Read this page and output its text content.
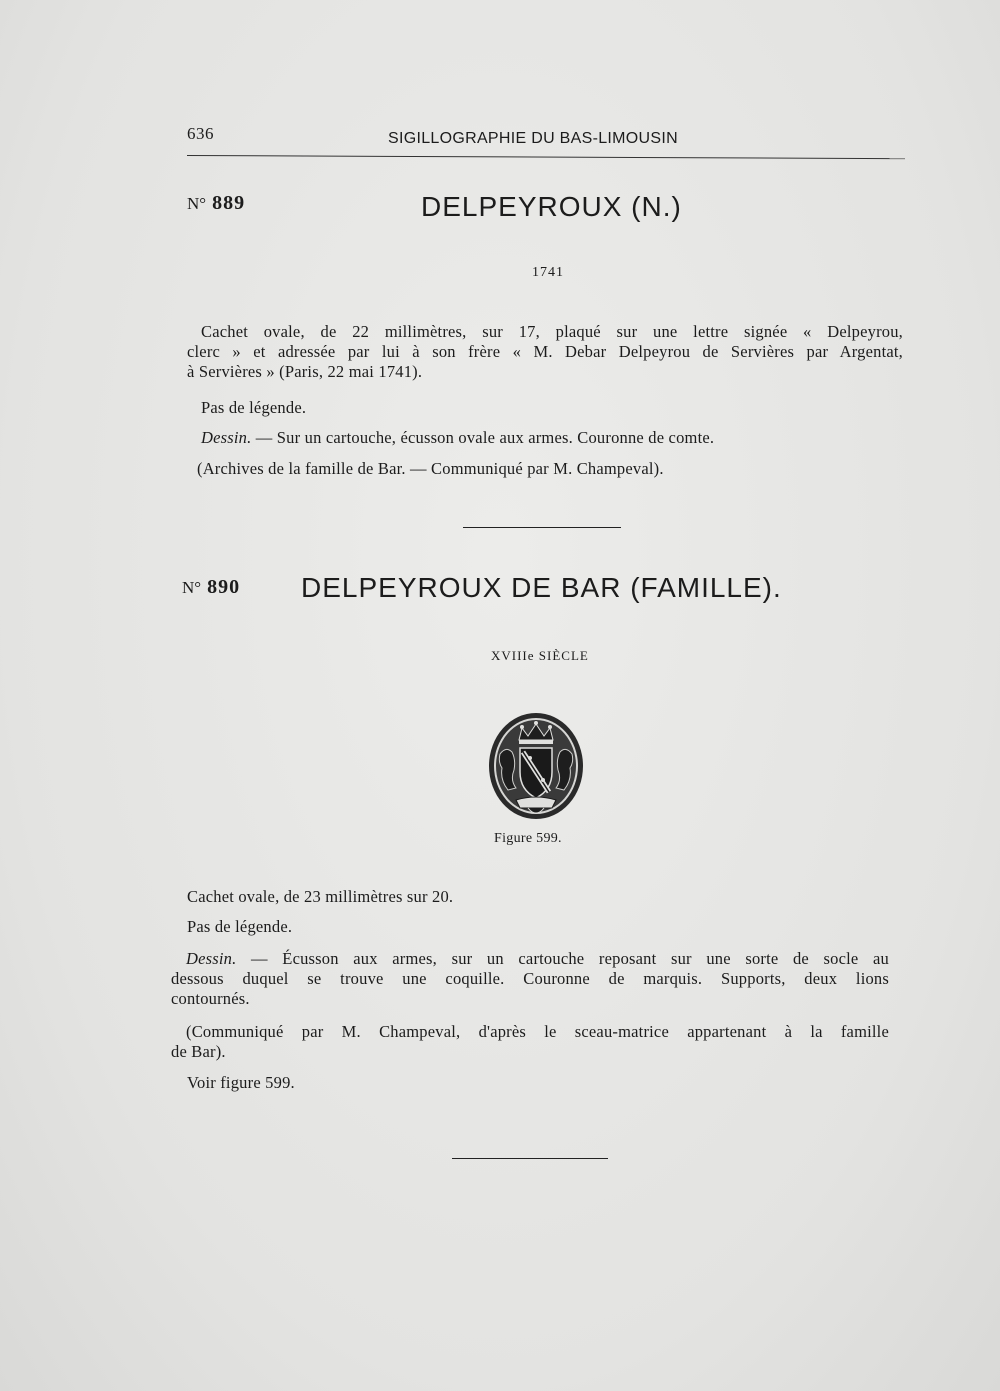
636	SIGILLOGRAPHIE DU BAS-LIMOUSIN
N° 889	DELPEYROUX (N.)
1741
Cachet ovale, de 22 millimètres, sur 17, plaqué sur une lettre signée « Delpeyrou,
clerc » et adressée par lui à son frère « M. Debar Delpeyrou de Servières par Argentat,
à Servières » (Paris, 22 mai 1741).
Pas de légende.
Dessin. — Sur un cartouche, écusson ovale aux armes. Couronne de comte.
(Archives de la famille de Bar. — Communiqué par M. Champeval).
N° 890 DELPEYROUX DE BAR (FAMILLE).
XVIIIe SIÈCLE
Figure 599.
Cachet ovale, de 23 millimètres sur 20.
Pas de légende.
Dessin. — Écusson aux armes, sur un cartouche reposant sur une sorte de socle au
dessous duquel se trouve une coquille. Couronne de marquis. Supports, deux lions
contournés.
(Communiqué par M. Champeval, d'après le sceau-matrice appartenant à la famille
de Bar).
Voir figure 599.
